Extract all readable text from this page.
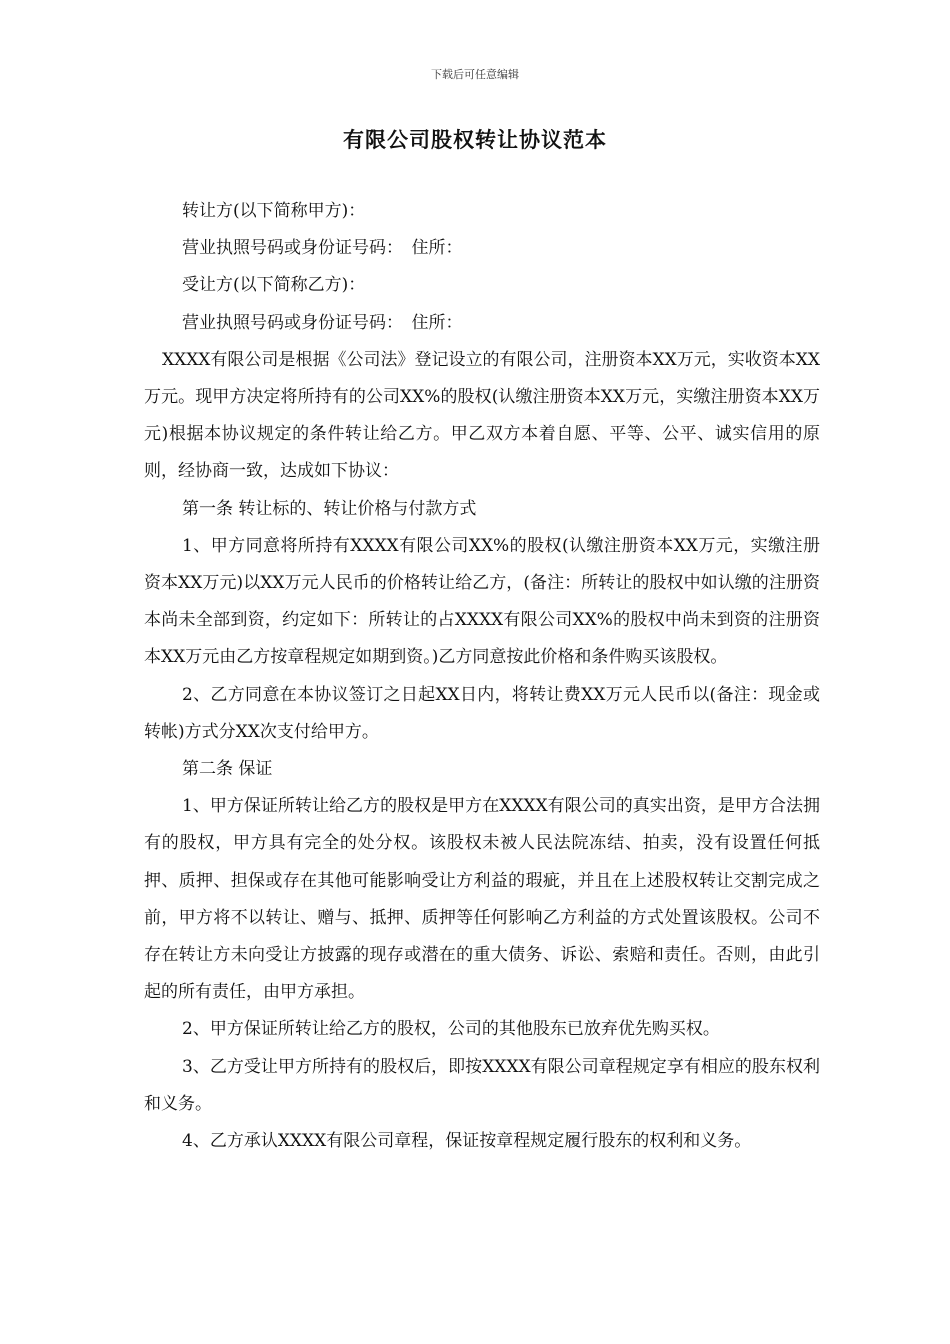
下载后可任意编辑
有限公司股权转让协议范本

转让方(以下简称甲方)：

营业执照号码或身份证号码：　住所：

受让方(以下简称乙方)：

营业执照号码或身份证号码：　住所：

XXXX有限公司是根据《公司法》登记设立的有限公司，注册资本XX万元，实收资本XX万元。现甲方决定将所持有的公司XX%的股权(认缴注册资本XX万元，实缴注册资本XX万元)根据本协议规定的条件转让给乙方。甲乙双方本着自愿、平等、公平、诚实信用的原则，经协商一致，达成如下协议：

第一条 转让标的、转让价格与付款方式

1、甲方同意将所持有XXXX有限公司XX%的股权(认缴注册资本XX万元，实缴注册资本XX万元)以XX万元人民币的价格转让给乙方，(备注：所转让的股权中如认缴的注册资本尚未全部到资，约定如下：所转让的占XXXX有限公司XX%的股权中尚未到资的注册资本XX万元由乙方按章程规定如期到资。)乙方同意按此价格和条件购买该股权。

2、乙方同意在本协议签订之日起XX日内，将转让费XX万元人民币以(备注：现金或转帐)方式分XX次支付给甲方。

第二条 保证

1、甲方保证所转让给乙方的股权是甲方在XXXX有限公司的真实出资，是甲方合法拥有的股权，甲方具有完全的处分权。该股权未被人民法院冻结、拍卖，没有设置任何抵押、质押、担保或存在其他可能影响受让方利益的瑕疵，并且在上述股权转让交割完成之前，甲方将不以转让、赠与、抵押、质押等任何影响乙方利益的方式处置该股权。公司不存在转让方未向受让方披露的现存或潜在的重大债务、诉讼、索赔和责任。否则，由此引起的所有责任，由甲方承担。

2、甲方保证所转让给乙方的股权，公司的其他股东已放弃优先购买权。

3、乙方受让甲方所持有的股权后，即按XXXX有限公司章程规定享有相应的股东权利和义务。

4、乙方承认XXXX有限公司章程，保证按章程规定履行股东的权利和义务。
